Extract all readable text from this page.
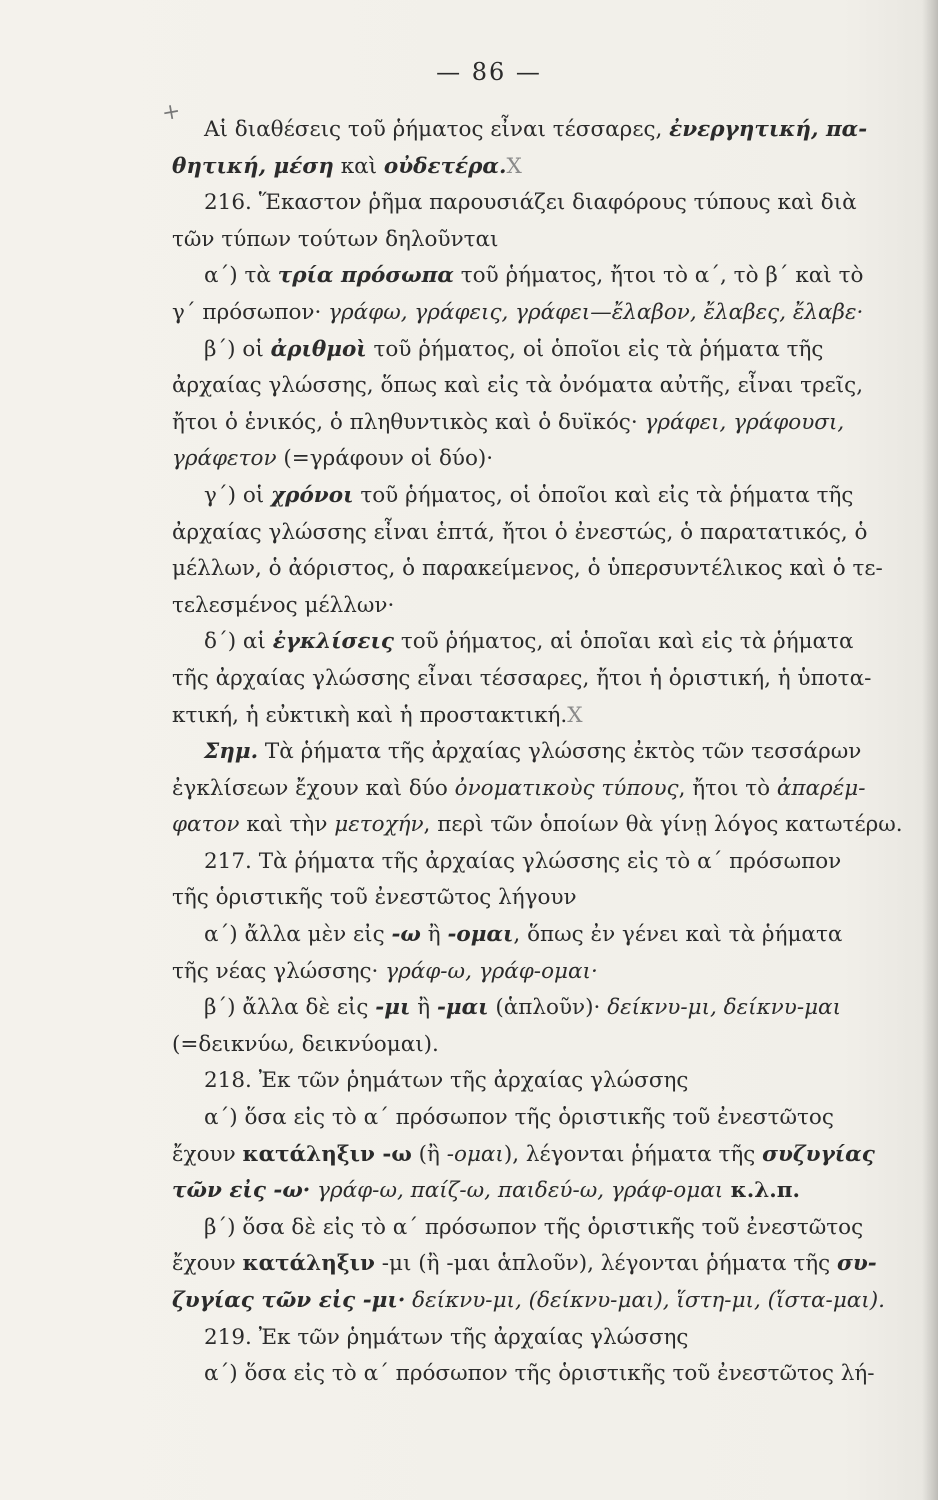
+
— 86 —
Αἱ διαθέσεις τοῦ ῥήματος εἶναι τέσσαρες, ἐνεργητική, πα-
θητική, μέση καὶ οὐδετέρα.X
216. Ἕκαστον ῥῆμα παρουσιάζει διαφόρους τύπους καὶ διὰ
τῶν τύπων τούτων δηλοῦνται
α΄) τὰ τρία πρόσωπα τοῦ ῥήματος, ἤτοι τὸ α΄, τὸ β΄ καὶ τὸ
γ΄ πρόσωπον· γράφω, γράφεις, γράφει—ἔλαβον, ἔλαβες, ἔλαβε·
β΄) οἱ ἀριθμοὶ τοῦ ῥήματος, οἱ ὁποῖοι εἰς τὰ ῥήματα τῆς
ἀρχαίας γλώσσης, ὅπως καὶ εἰς τὰ ὀνόματα αὐτῆς, εἶναι τρεῖς,
ἤτοι ὁ ἑνικός, ὁ πληθυντικὸς καὶ ὁ δυϊκός· γράφει, γράφουσι,
γράφετον (=γράφουν οἱ δύο)·
γ΄) οἱ χρόνοι τοῦ ῥήματος, οἱ ὁποῖοι καὶ εἰς τὰ ῥήματα τῆς
ἀρχαίας γλώσσης εἶναι ἑπτά, ἤτοι ὁ ἐνεστώς, ὁ παρατατικός, ὁ
μέλλων, ὁ ἀόριστος, ὁ παρακείμενος, ὁ ὑπερσυντέλικος καὶ ὁ τε-
τελεσμένος μέλλων·
δ΄) αἱ ἐγκλίσεις τοῦ ῥήματος, αἱ ὁποῖαι καὶ εἰς τὰ ῥήματα
τῆς ἀρχαίας γλώσσης εἶναι τέσσαρες, ἤτοι ἡ ὁριστική, ἡ ὑποτα-
κτική, ἡ εὐκτικὴ καὶ ἡ προστακτική.X
Σημ. Τὰ ῥήματα τῆς ἀρχαίας γλώσσης ἐκτὸς τῶν τεσσάρων
ἐγκλίσεων ἔχουν καὶ δύο ὀνοματικοὺς τύπους, ἤτοι τὸ ἀπαρέμ-
φατον καὶ τὴν μετοχήν, περὶ τῶν ὁποίων θὰ γίνῃ λόγος κατωτέρω.
217. Τὰ ῥήματα τῆς ἀρχαίας γλώσσης εἰς τὸ α΄ πρόσωπον
τῆς ὁριστικῆς τοῦ ἐνεστῶτος λήγουν
α΄) ἄλλα μὲν εἰς -ω ἢ -ομαι, ὅπως ἐν γένει καὶ τὰ ῥήματα
τῆς νέας γλώσσης· γράφ-ω, γράφ-ομαι·
β΄) ἄλλα δὲ εἰς -μι ἢ -μαι (ἁπλοῦν)· δείκνυ-μι, δείκνυ-μαι
(=δεικνύω, δεικνύομαι).
218. Ἐκ τῶν ῥημάτων τῆς ἀρχαίας γλώσσης
α΄) ὅσα εἰς τὸ α΄ πρόσωπον τῆς ὁριστικῆς τοῦ ἐνεστῶτος
ἔχουν κατάληξιν -ω (ἢ -ομαι), λέγονται ῥήματα τῆς συζυγίας
τῶν εἰς -ω· γράφ-ω, παίζ-ω, παιδεύ-ω, γράφ-ομαι κ.λ.π.
β΄) ὅσα δὲ εἰς τὸ α΄ πρόσωπον τῆς ὁριστικῆς τοῦ ἐνεστῶτος
ἔχουν κατάληξιν -μι (ἢ -μαι ἁπλοῦν), λέγονται ῥήματα τῆς συ-
ζυγίας τῶν εἰς -μι· δείκνυ-μι, (δείκνυ-μαι), ἵστη-μι, (ἵστα-μαι).
219. Ἐκ τῶν ῥημάτων τῆς ἀρχαίας γλώσσης
α΄) ὅσα εἰς τὸ α΄ πρόσωπον τῆς ὁριστικῆς τοῦ ἐνεστῶτος λή-
